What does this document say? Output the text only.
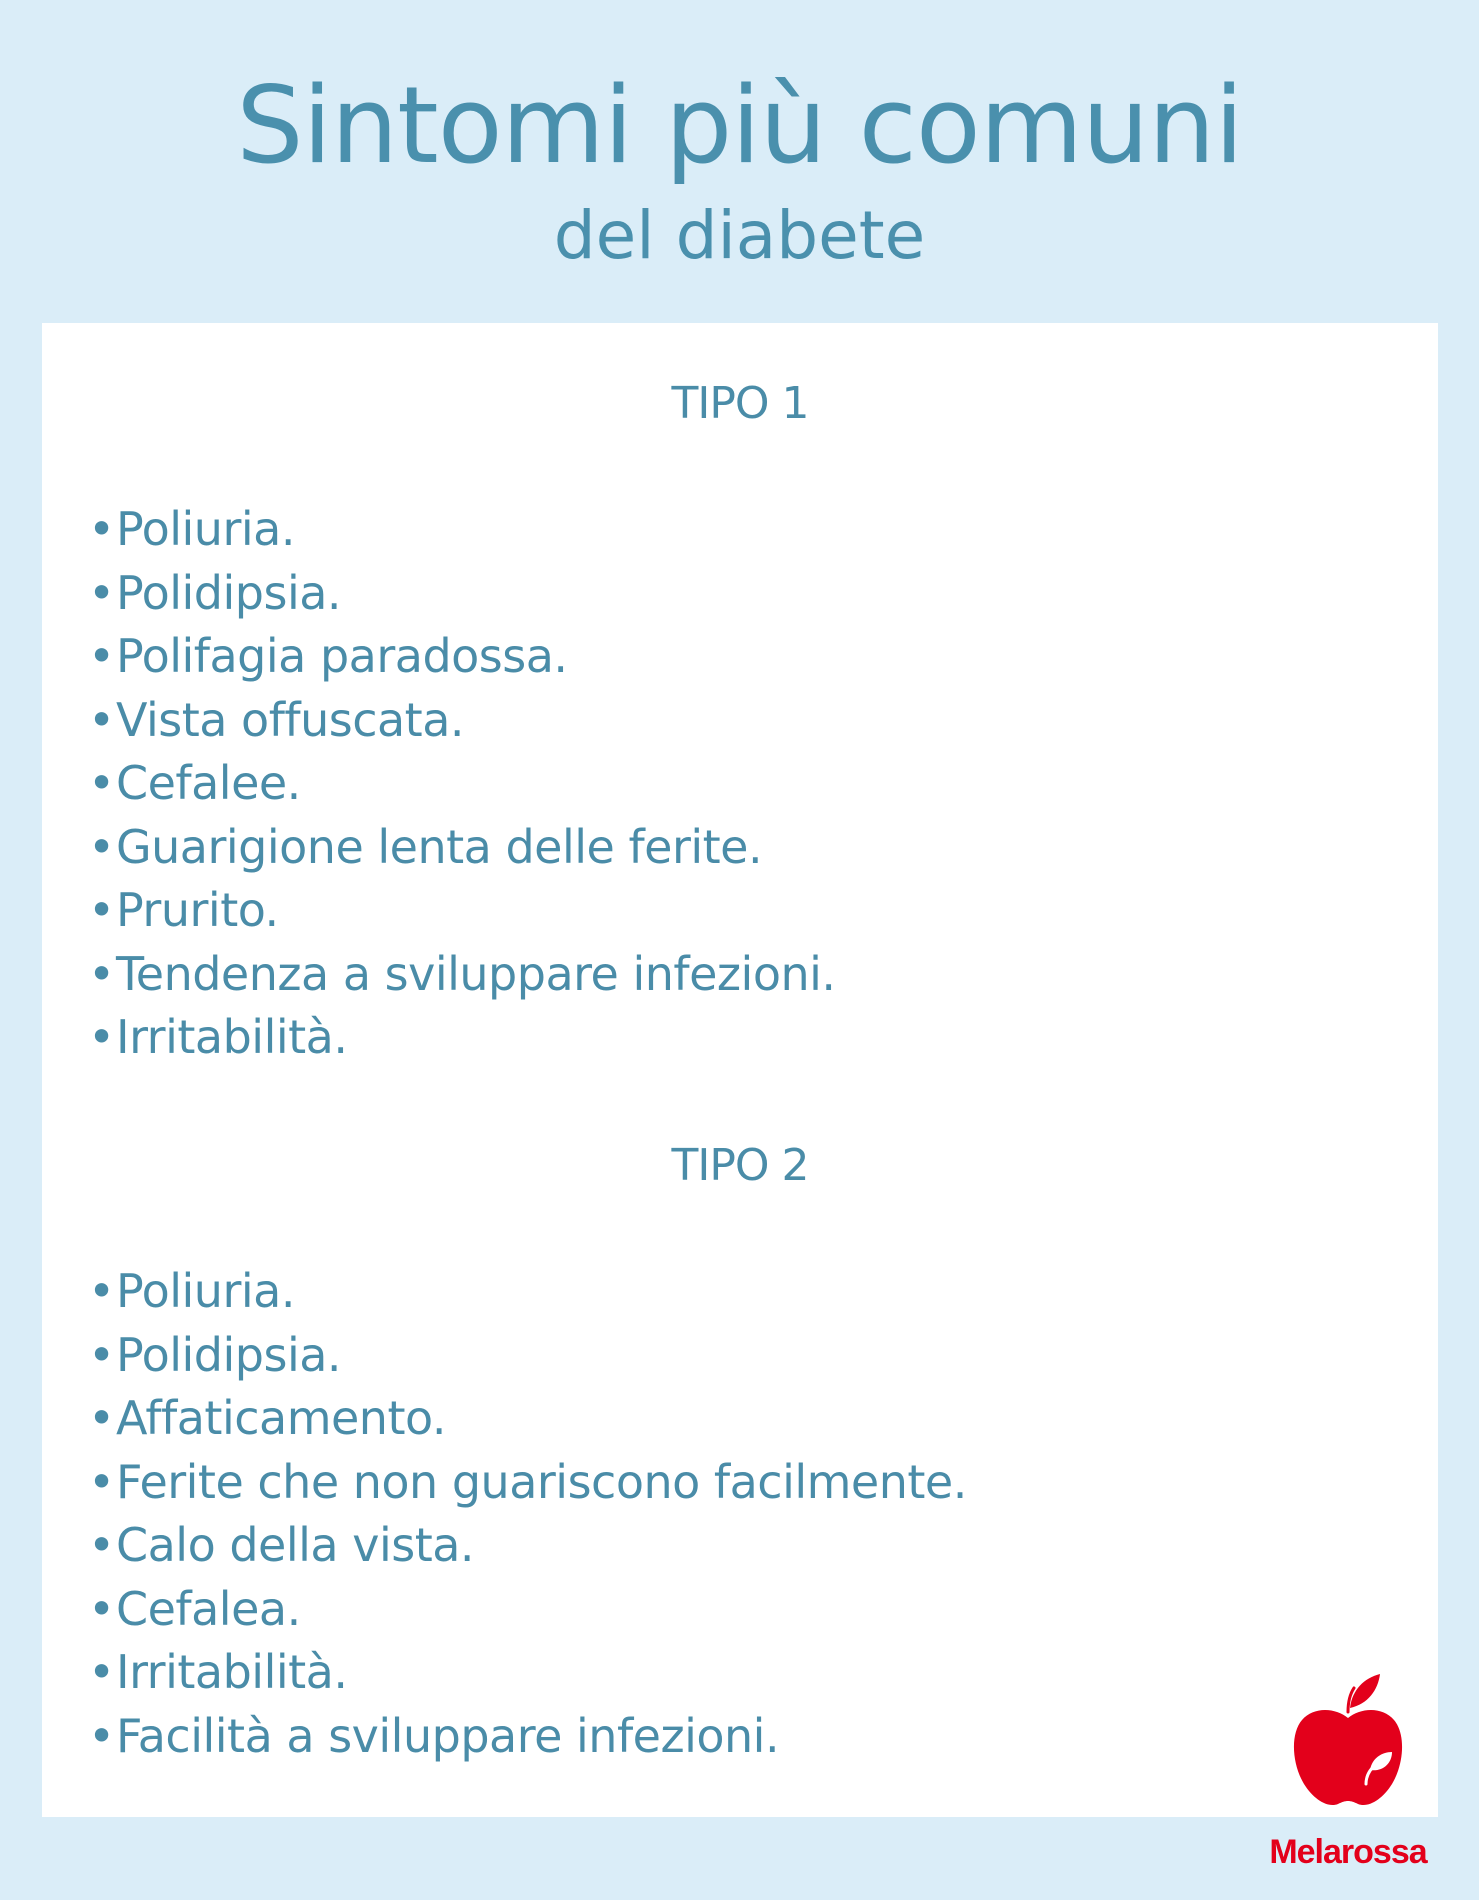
Sintomi più comuni
del diabete
TIPO 1
• Poliuria.
• Polidipsia.
• Polifagia paradossa.
• Vista offuscata.
• Cefalee.
• Guarigione lenta delle ferite.
• Prurito.
• Tendenza a sviluppare infezioni.
• Irritabilità.
TIPO 2
• Poliuria.
• Polidipsia.
• Affaticamento.
• Ferite che non guariscono facilmente.
• Calo della vista.
• Cefalea.
• Irritabilità.
• Facilità a sviluppare infezioni.
Melarossa
